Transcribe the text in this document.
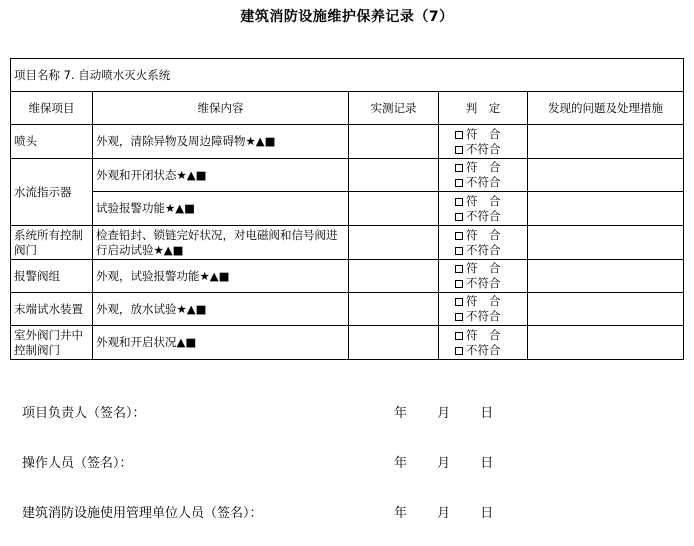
建筑消防设施维护保养记录（7）
项目名称 7. 自动喷水灭火系统				
维保项目	维保内容	实测记录	判　定	发现的问题及处理措施
喷头	外观，清除异物及周边障碍物★▲■		符　合
不符合	

水流指示器	外观和开闭状态★▲■		符　合
不符合	

	试验报警功能★▲■		符　合
不符合	

系统所有控制阀门	检查铅封、锁链完好状况，对电磁阀和信号阀进行启动试验★▲■		符　合
不符合	

报警阀组	外观，试验报警功能★▲■		符　合
不符合	

末端试水装置	外观，放水试验★▲■		符　合
不符合	

室外阀门井中控制阀门	外观和开启状况▲■		符　合
不符合	

项目负责人（签名）：	年 月 日
操作人员（签名）：	年 月 日
建筑消防设施使用管理单位人员（签名）：	年 月 日
